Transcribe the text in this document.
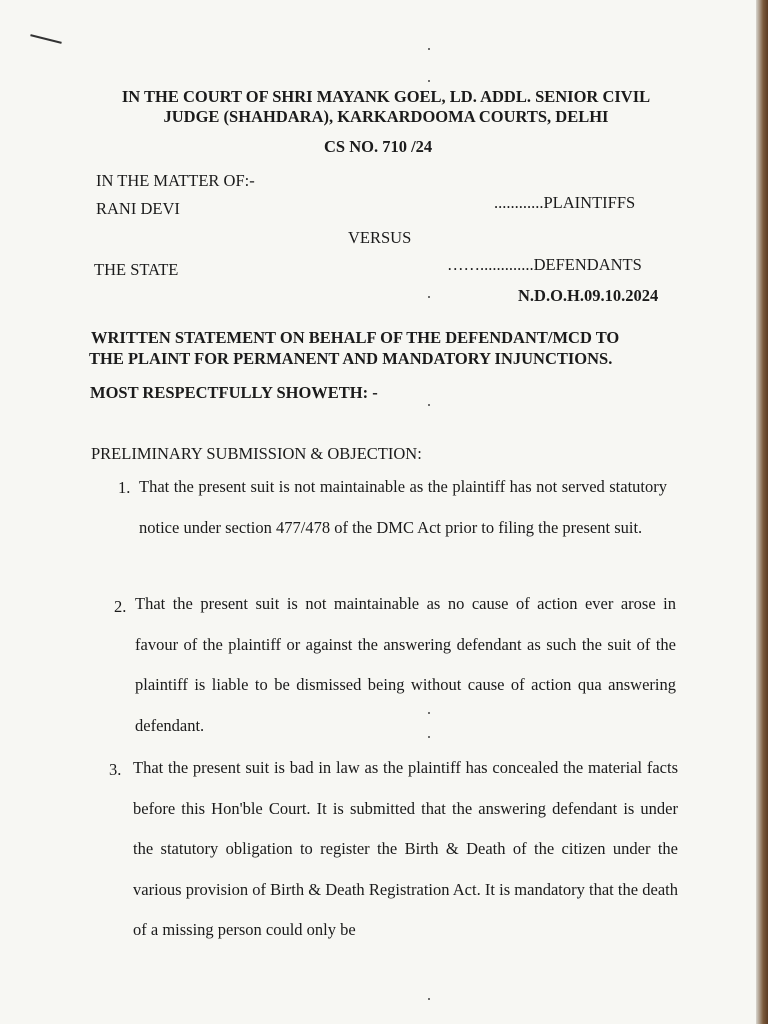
IN THE COURT OF SHRI MAYANK GOEL, LD. ADDL. SENIOR CIVIL
JUDGE (SHAHDARA), KARKARDOOMA COURTS, DELHI
CS NO. 710 /24
IN THE MATTER OF:-
RANI DEVI	............PLAINTIFFS
VERSUS
THE STATE	…….............DEFENDANTS
N.D.O.H.09.10.2024
WRITTEN STATEMENT ON BEHALF OF THE DEFENDANT/MCD TO
THE PLAINT FOR PERMANENT AND MANDATORY INJUNCTIONS.
MOST RESPECTFULLY SHOWETH: -
PRELIMINARY SUBMISSION & OBJECTION:
1. That the present suit is not maintainable as the plaintiff has not served statutory notice under section 477/478 of the DMC Act prior to filing the present suit.
2. That the present suit is not maintainable as no cause of action ever arose in favour of the plaintiff or against the answering defendant as such the suit of the plaintiff is liable to be dismissed being without cause of action qua answering defendant.
3. That the present suit is bad in law as the plaintiff has concealed the material facts before this Hon'ble Court. It is submitted that the answering defendant is under the statutory obligation to register the Birth & Death of the citizen under the various provision of Birth & Death Registration Act. It is mandatory that the death of a missing person could only be
